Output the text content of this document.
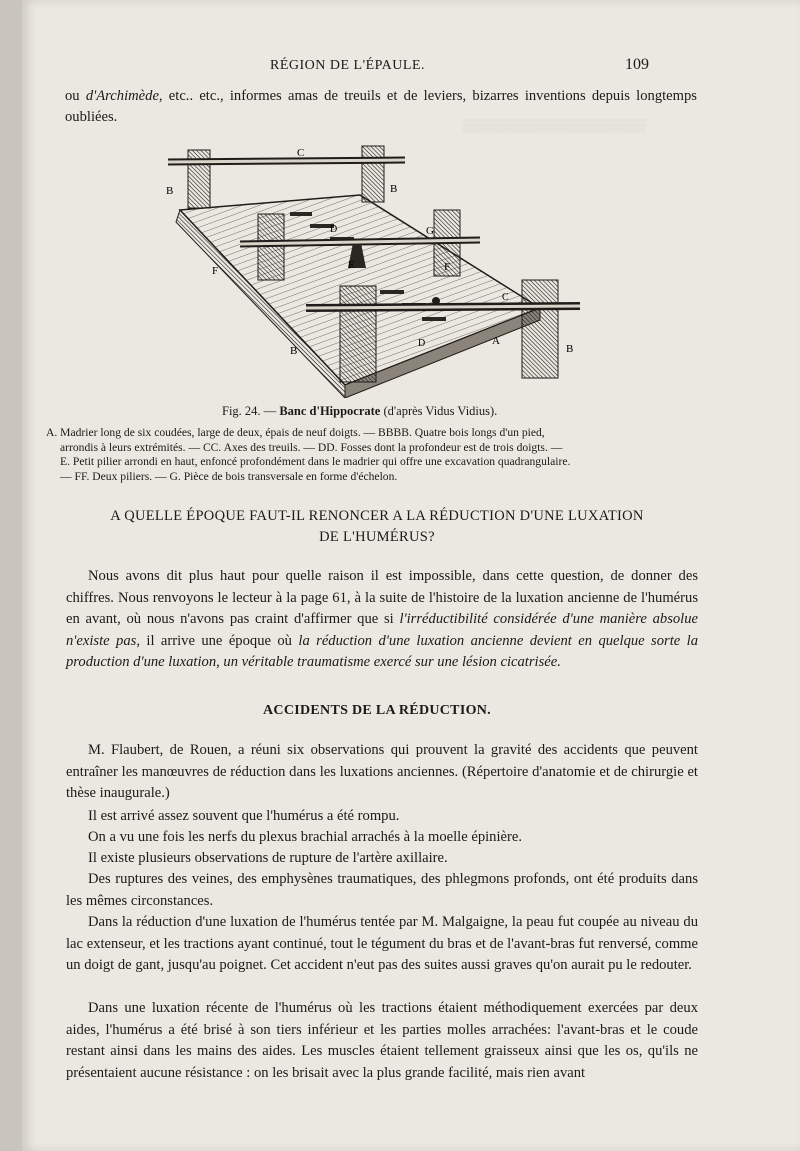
▒▒▒▒▒▒▒▒▒▒▒▒▒▒▒▒▒▒▒▒
RÉGION DE L'ÉPAULE.	109
ou d'Archimède, etc.. etc., informes amas de treuils et de leviers, bizarres inventions depuis longtemps oubliées.
C
B	B
D	G
E
F	F
C
A
B	B
D
Fig. 24. — Banc d'Hippocrate (d'après Vidus Vidius).
A. Madrier long de six coudées, large de deux, épais de neuf doigts. — BBBB. Quatre bois longs d'un pied,
arrondis à leurs extrémités. — CC. Axes des treuils. — DD. Fosses dont la profondeur est de trois doigts. —
E. Petit pilier arrondi en haut, enfoncé profondément dans le madrier qui offre une excavation quadrangulaire.
— FF. Deux piliers. — G. Pièce de bois transversale en forme d'échelon.
A QUELLE ÉPOQUE FAUT-IL RENONCER A LA RÉDUCTION D'UNE LUXATION
DE L'HUMÉRUS?
Nous avons dit plus haut pour quelle raison il est impossible, dans cette question, de donner des chiffres. Nous renvoyons le lecteur à la page 61, à la suite de l'histoire de la luxation ancienne de l'humérus en avant, où nous n'avons pas craint d'affirmer que si l'irréductibilité considérée d'une manière absolue n'existe pas, il arrive une époque où la réduction d'une luxation ancienne devient en quelque sorte la production d'une luxation, un véritable traumatisme exercé sur une lésion cicatrisée.
ACCIDENTS DE LA RÉDUCTION.
M. Flaubert, de Rouen, a réuni six observations qui prouvent la gravité des accidents que peuvent entraîner les manœuvres de réduction dans les luxations anciennes. (Répertoire d'anatomie et de chirurgie et thèse inaugurale.)
Il est arrivé assez souvent que l'humérus a été rompu.
On a vu une fois les nerfs du plexus brachial arrachés à la moelle épinière.
Il existe plusieurs observations de rupture de l'artère axillaire.
Des ruptures des veines, des emphysènes traumatiques, des phlegmons profonds, ont été produits dans les mêmes circonstances.
Dans la réduction d'une luxation de l'humérus tentée par M. Malgaigne, la peau fut coupée au niveau du lac extenseur, et les tractions ayant continué, tout le tégument du bras et de l'avant-bras fut renversé, comme un doigt de gant, jusqu'au poignet. Cet accident n'eut pas des suites aussi graves qu'on aurait pu le redouter.
Dans une luxation récente de l'humérus où les tractions étaient méthodiquement exercées par deux aides, l'humérus a été brisé à son tiers inférieur et les parties molles arrachées: l'avant-bras et le coude restant ainsi dans les mains des aides. Les muscles étaient tellement graisseux ainsi que les os, qu'ils ne présentaient aucune résistance : on les brisait avec la plus grande facilité, mais rien avant
